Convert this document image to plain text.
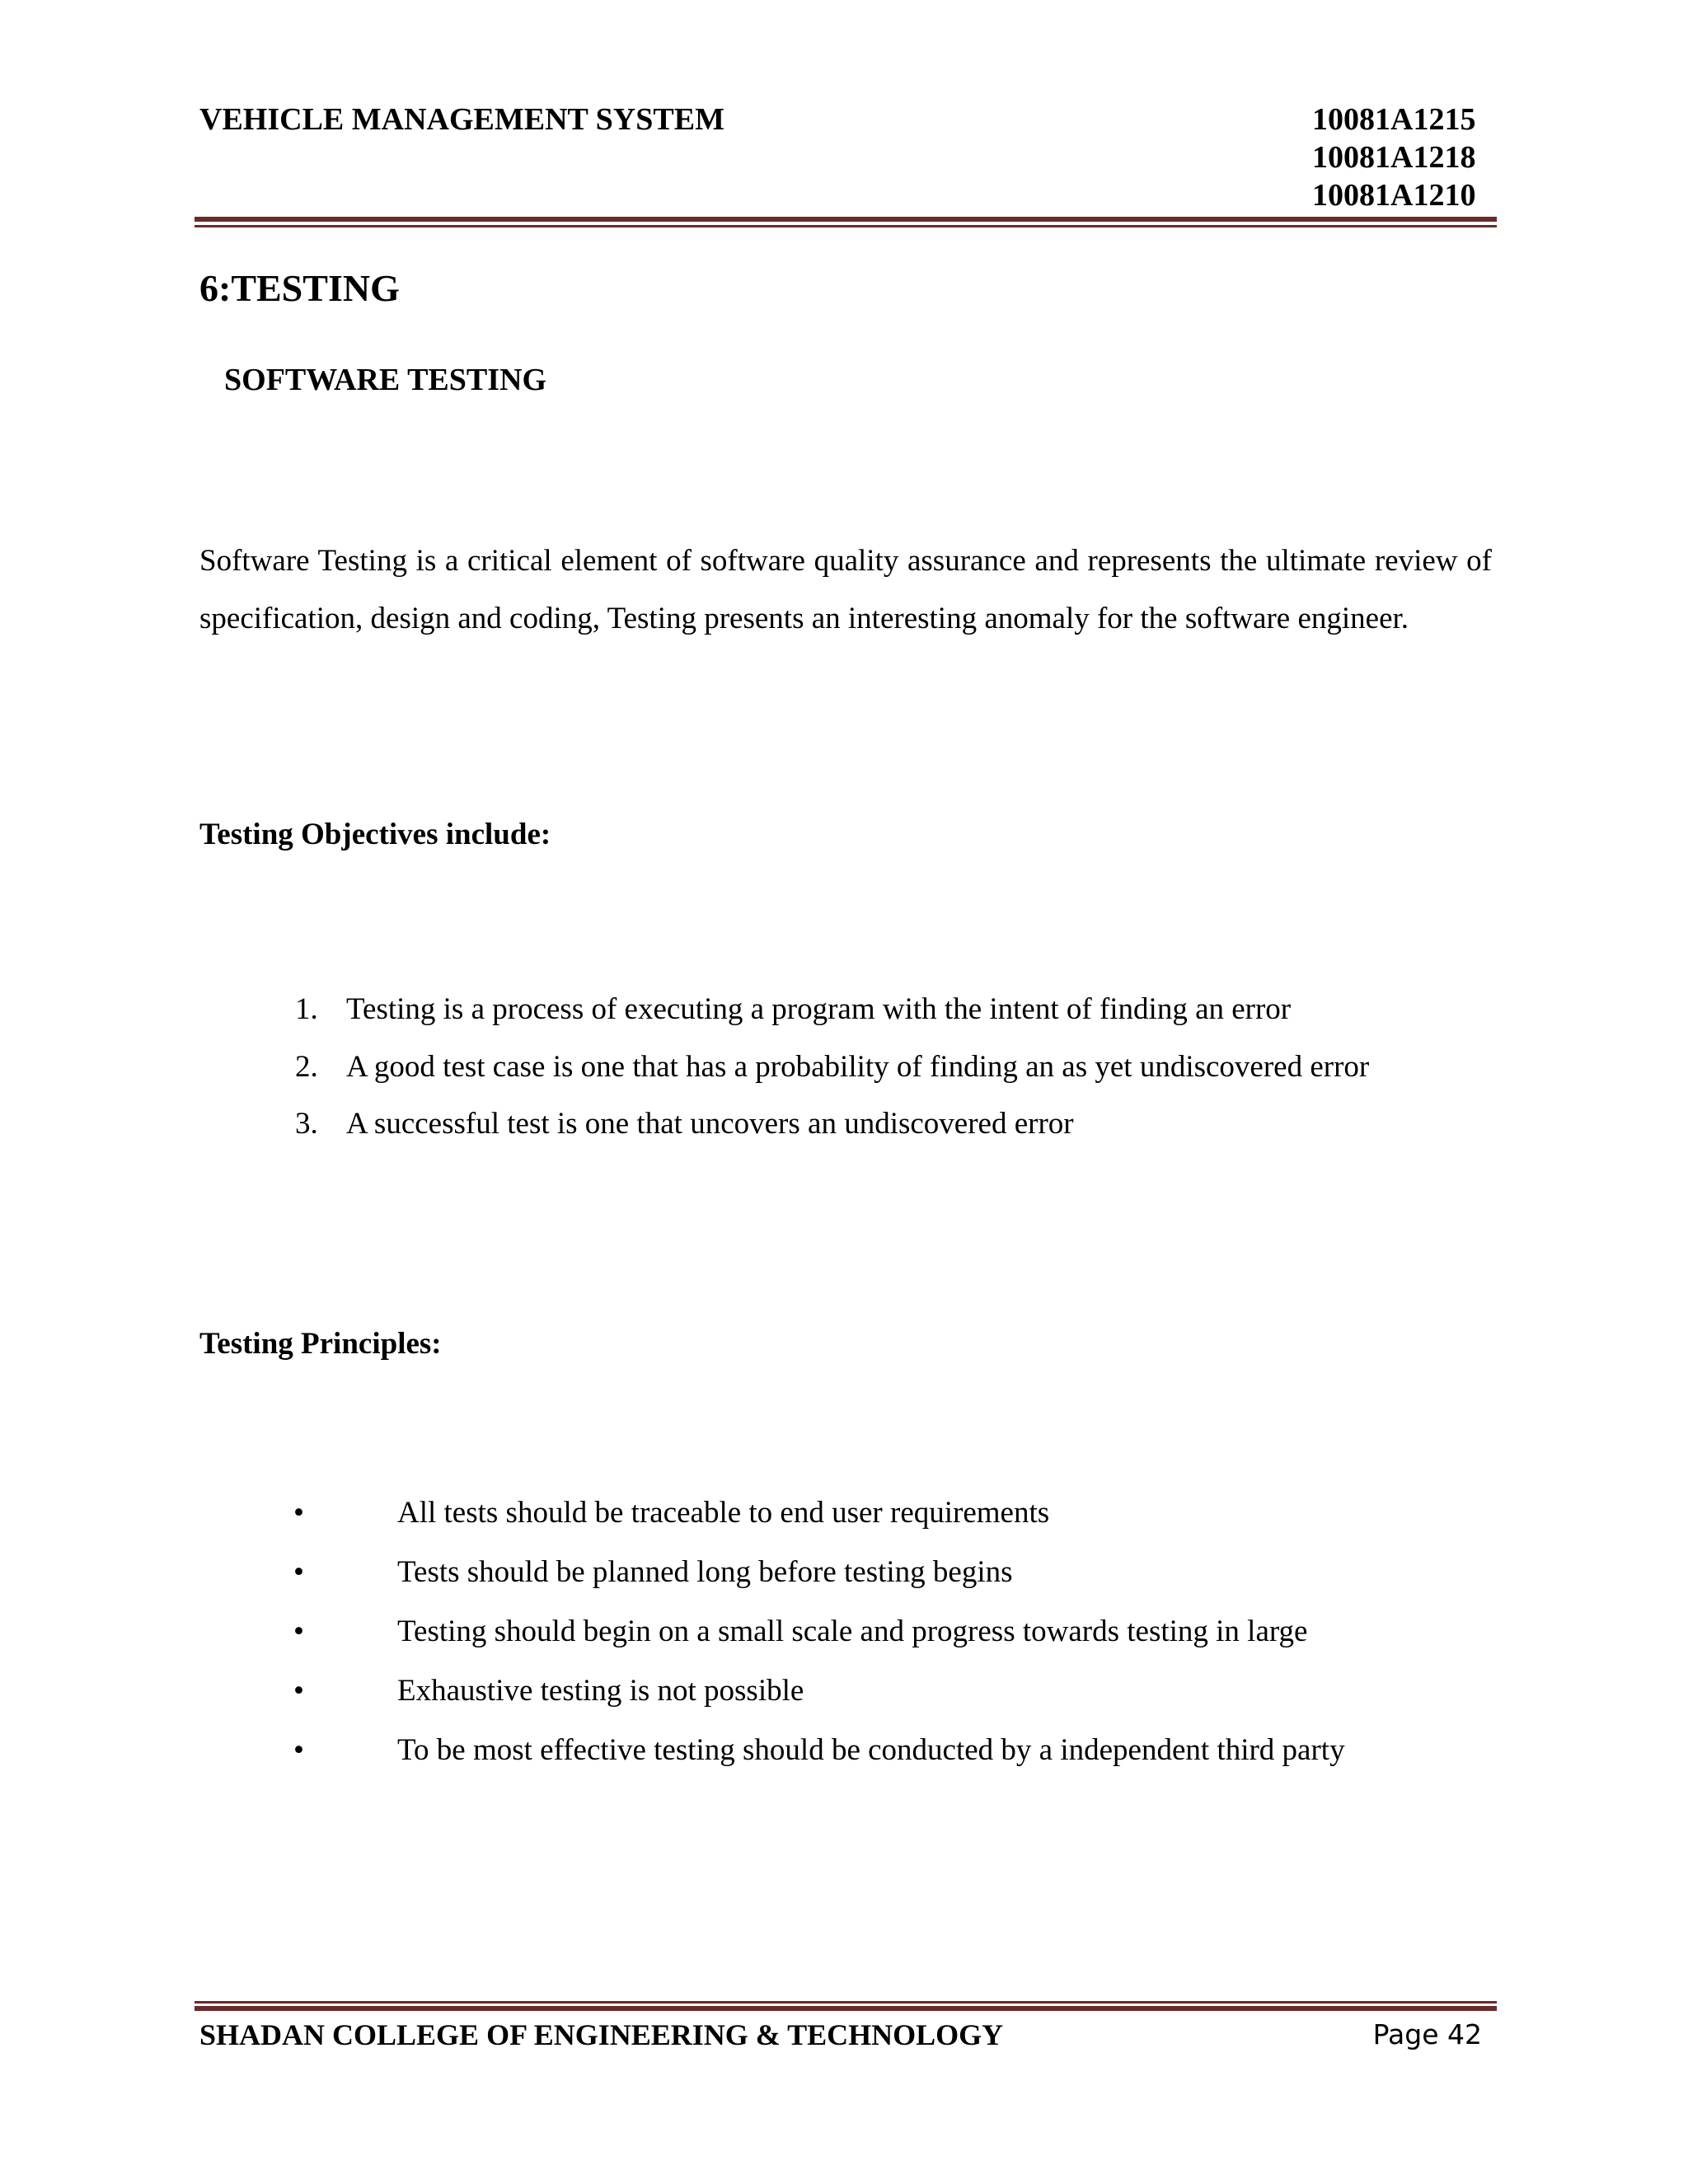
VEHICLE MANAGEMENT SYSTEM	10081A1215
10081A1218
10081A1210
6:TESTING
SOFTWARE TESTING
Software Testing is a critical element of software quality assurance and represents the ultimate review of specification, design and coding, Testing presents an interesting anomaly for the software engineer.
Testing Objectives include:
1. Testing is a process of executing a program with the intent of finding an error
2. A good test case is one that has a probability of finding an as yet undiscovered error
3. A successful test is one that uncovers an undiscovered error
Testing Principles:
•	All tests should be traceable to end user requirements
•	Tests should be planned long before testing begins
•	Testing should begin on a small scale and progress towards testing in large
•	Exhaustive testing is not possible
•	To be most effective testing should be conducted by a independent third party
SHADAN COLLEGE OF ENGINEERING & TECHNOLOGY	Page 42
